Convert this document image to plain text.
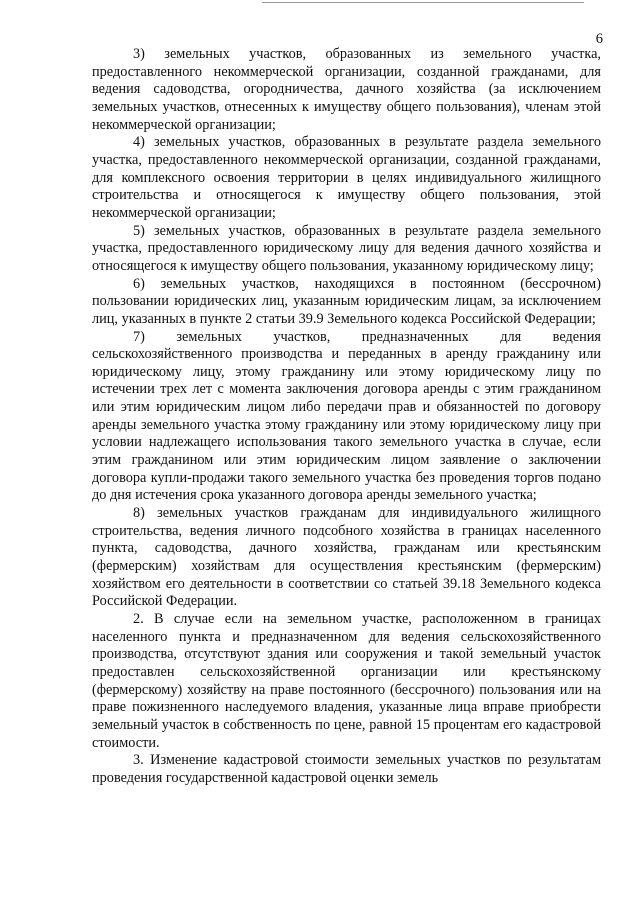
6

3) земельных участков, образованных из земельного участка, предоставленного некоммерческой организации, созданной гражданами, для ведения садоводства, огородничества, дачного хозяйства (за исключением земельных участков, отнесенных к имуществу общего пользования), членам этой некоммерческой организации;

4) земельных участков, образованных в результате раздела земельного участка, предоставленного некоммерческой организации, созданной гражданами, для комплексного освоения территории в целях индивидуального жилищного строительства и относящегося к имуществу общего пользования, этой некоммерческой организации;

5) земельных участков, образованных в результате раздела земельного участка, предоставленного юридическому лицу для ведения дачного хозяйства и относящегося к имуществу общего пользования, указанному юридическому лицу;

6) земельных участков, находящихся в постоянном (бессрочном) пользовании юридических лиц, указанным юридическим лицам, за исключением лиц, указанных в пункте 2 статьи 39.9 Земельного кодекса Российской Федерации;

7) земельных участков, предназначенных для ведения сельскохозяйственного производства и переданных в аренду гражданину или юридическому лицу, этому гражданину или этому юридическому лицу по истечении трех лет с момента заключения договора аренды с этим гражданином или этим юридическим лицом либо передачи прав и обязанностей по договору аренды земельного участка этому гражданину или этому юридическому лицу при условии надлежащего использования такого земельного участка в случае, если этим гражданином или этим юридическим лицом заявление о заключении договора купли-продажи такого земельного участка без проведения торгов подано до дня истечения срока указанного договора аренды земельного участка;

8) земельных участков гражданам для индивидуального жилищного строительства, ведения личного подсобного хозяйства в границах населенного пункта, садоводства, дачного хозяйства, гражданам или крестьянским (фермерским) хозяйствам для осуществления крестьянским (фермерским) хозяйством его деятельности в соответствии со статьей 39.18 Земельного кодекса Российской Федерации.

2. В случае если на земельном участке, расположенном в границах населенного пункта и предназначенном для ведения сельскохозяйственного производства, отсутствуют здания или сооружения и такой земельный участок предоставлен сельскохозяйственной организации или крестьянскому (фермерскому) хозяйству на праве постоянного (бессрочного) пользования или на праве пожизненного наследуемого владения, указанные лица вправе приобрести земельный участок в собственность по цене, равной 15 процентам его кадастровой стоимости.

3. Изменение кадастровой стоимости земельных участков по результатам проведения государственной кадастровой оценки земель
